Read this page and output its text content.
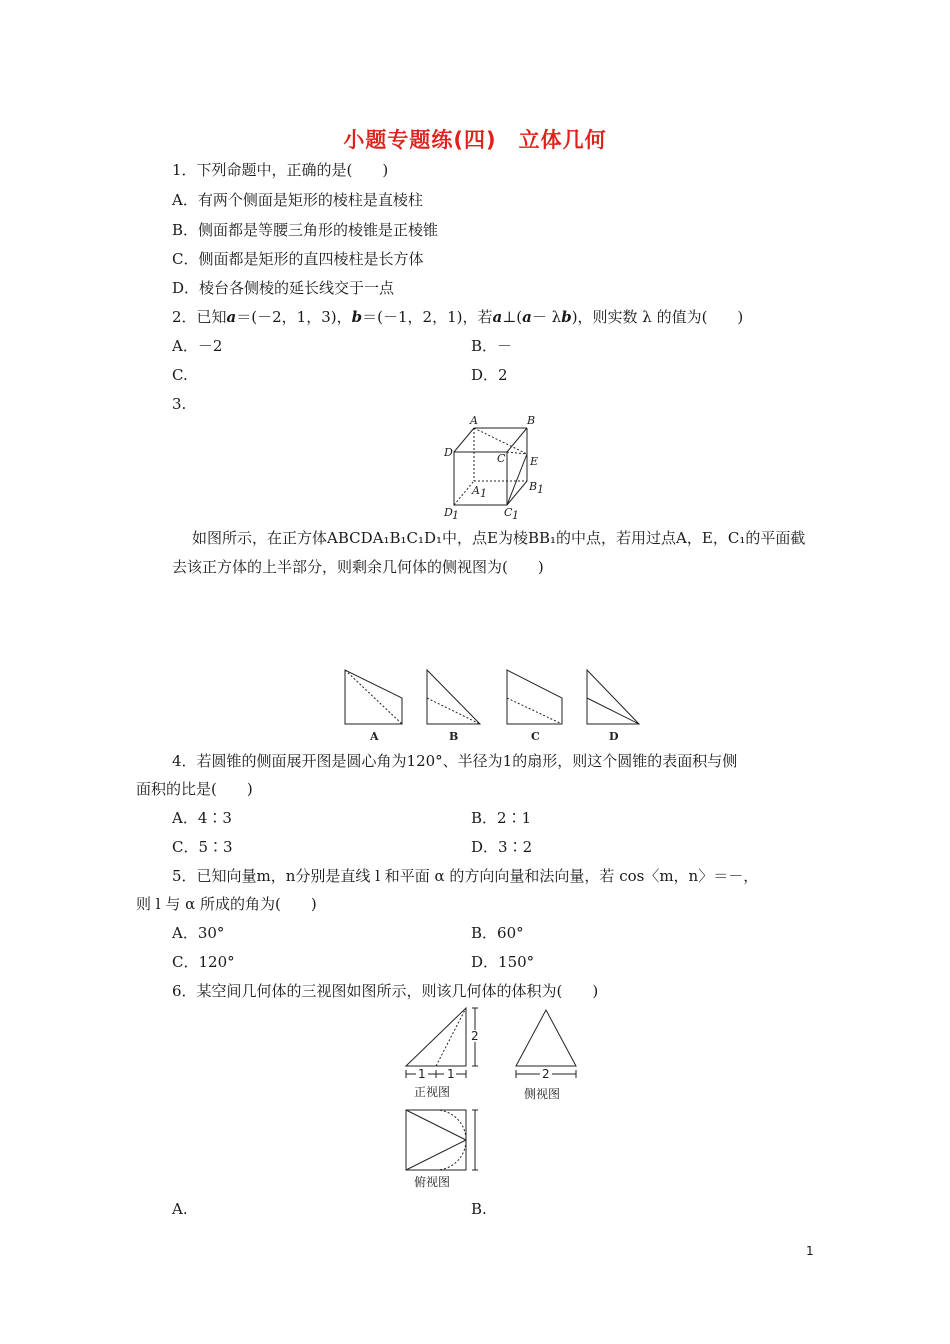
小题专题练(四)　立体几何
1．下列命题中，正确的是(　　)
A．有两个侧面是矩形的棱柱是直棱柱
B．侧面都是等腰三角形的棱锥是正棱锥
C．侧面都是矩形的直四棱柱是长方体
D．棱台各侧棱的延长线交于一点
2．已知a＝(－2，1，3)，b＝(－1，2，1)，若a⊥(a－ λb)，则实数 λ 的值为(　　)
A．－2	B．－
C.	D．2
3.
A	B
D	C E
A 1
B 1
D 1	C 1
如图所示，在正方体ABCDA₁B₁C₁D₁中，点E为棱BB₁的中点，若用过点A，E，C₁的平面截
去该正方体的上半部分，则剩余几何体的侧视图为(　　)
A	B	C	D
4．若圆锥的侧面展开图是圆心角为120°、半径为1的扇形，则这个圆锥的表面积与侧
面积的比是(　　)
A．4∶3	B．2∶1
C．5∶3	D．3∶2
5．已知向量m，n分别是直线 l 和平面 α 的方向向量和法向量，若 cos〈m，n〉＝－，
则 l 与 α 所成的角为(　　)
A．30°	B．60°
C．120°	D．150°
6．某空间几何体的三视图如图所示，则该几何体的体积为(　　)
1 1
2
2
正视图	侧视图
俯视图
A.	B.
1
